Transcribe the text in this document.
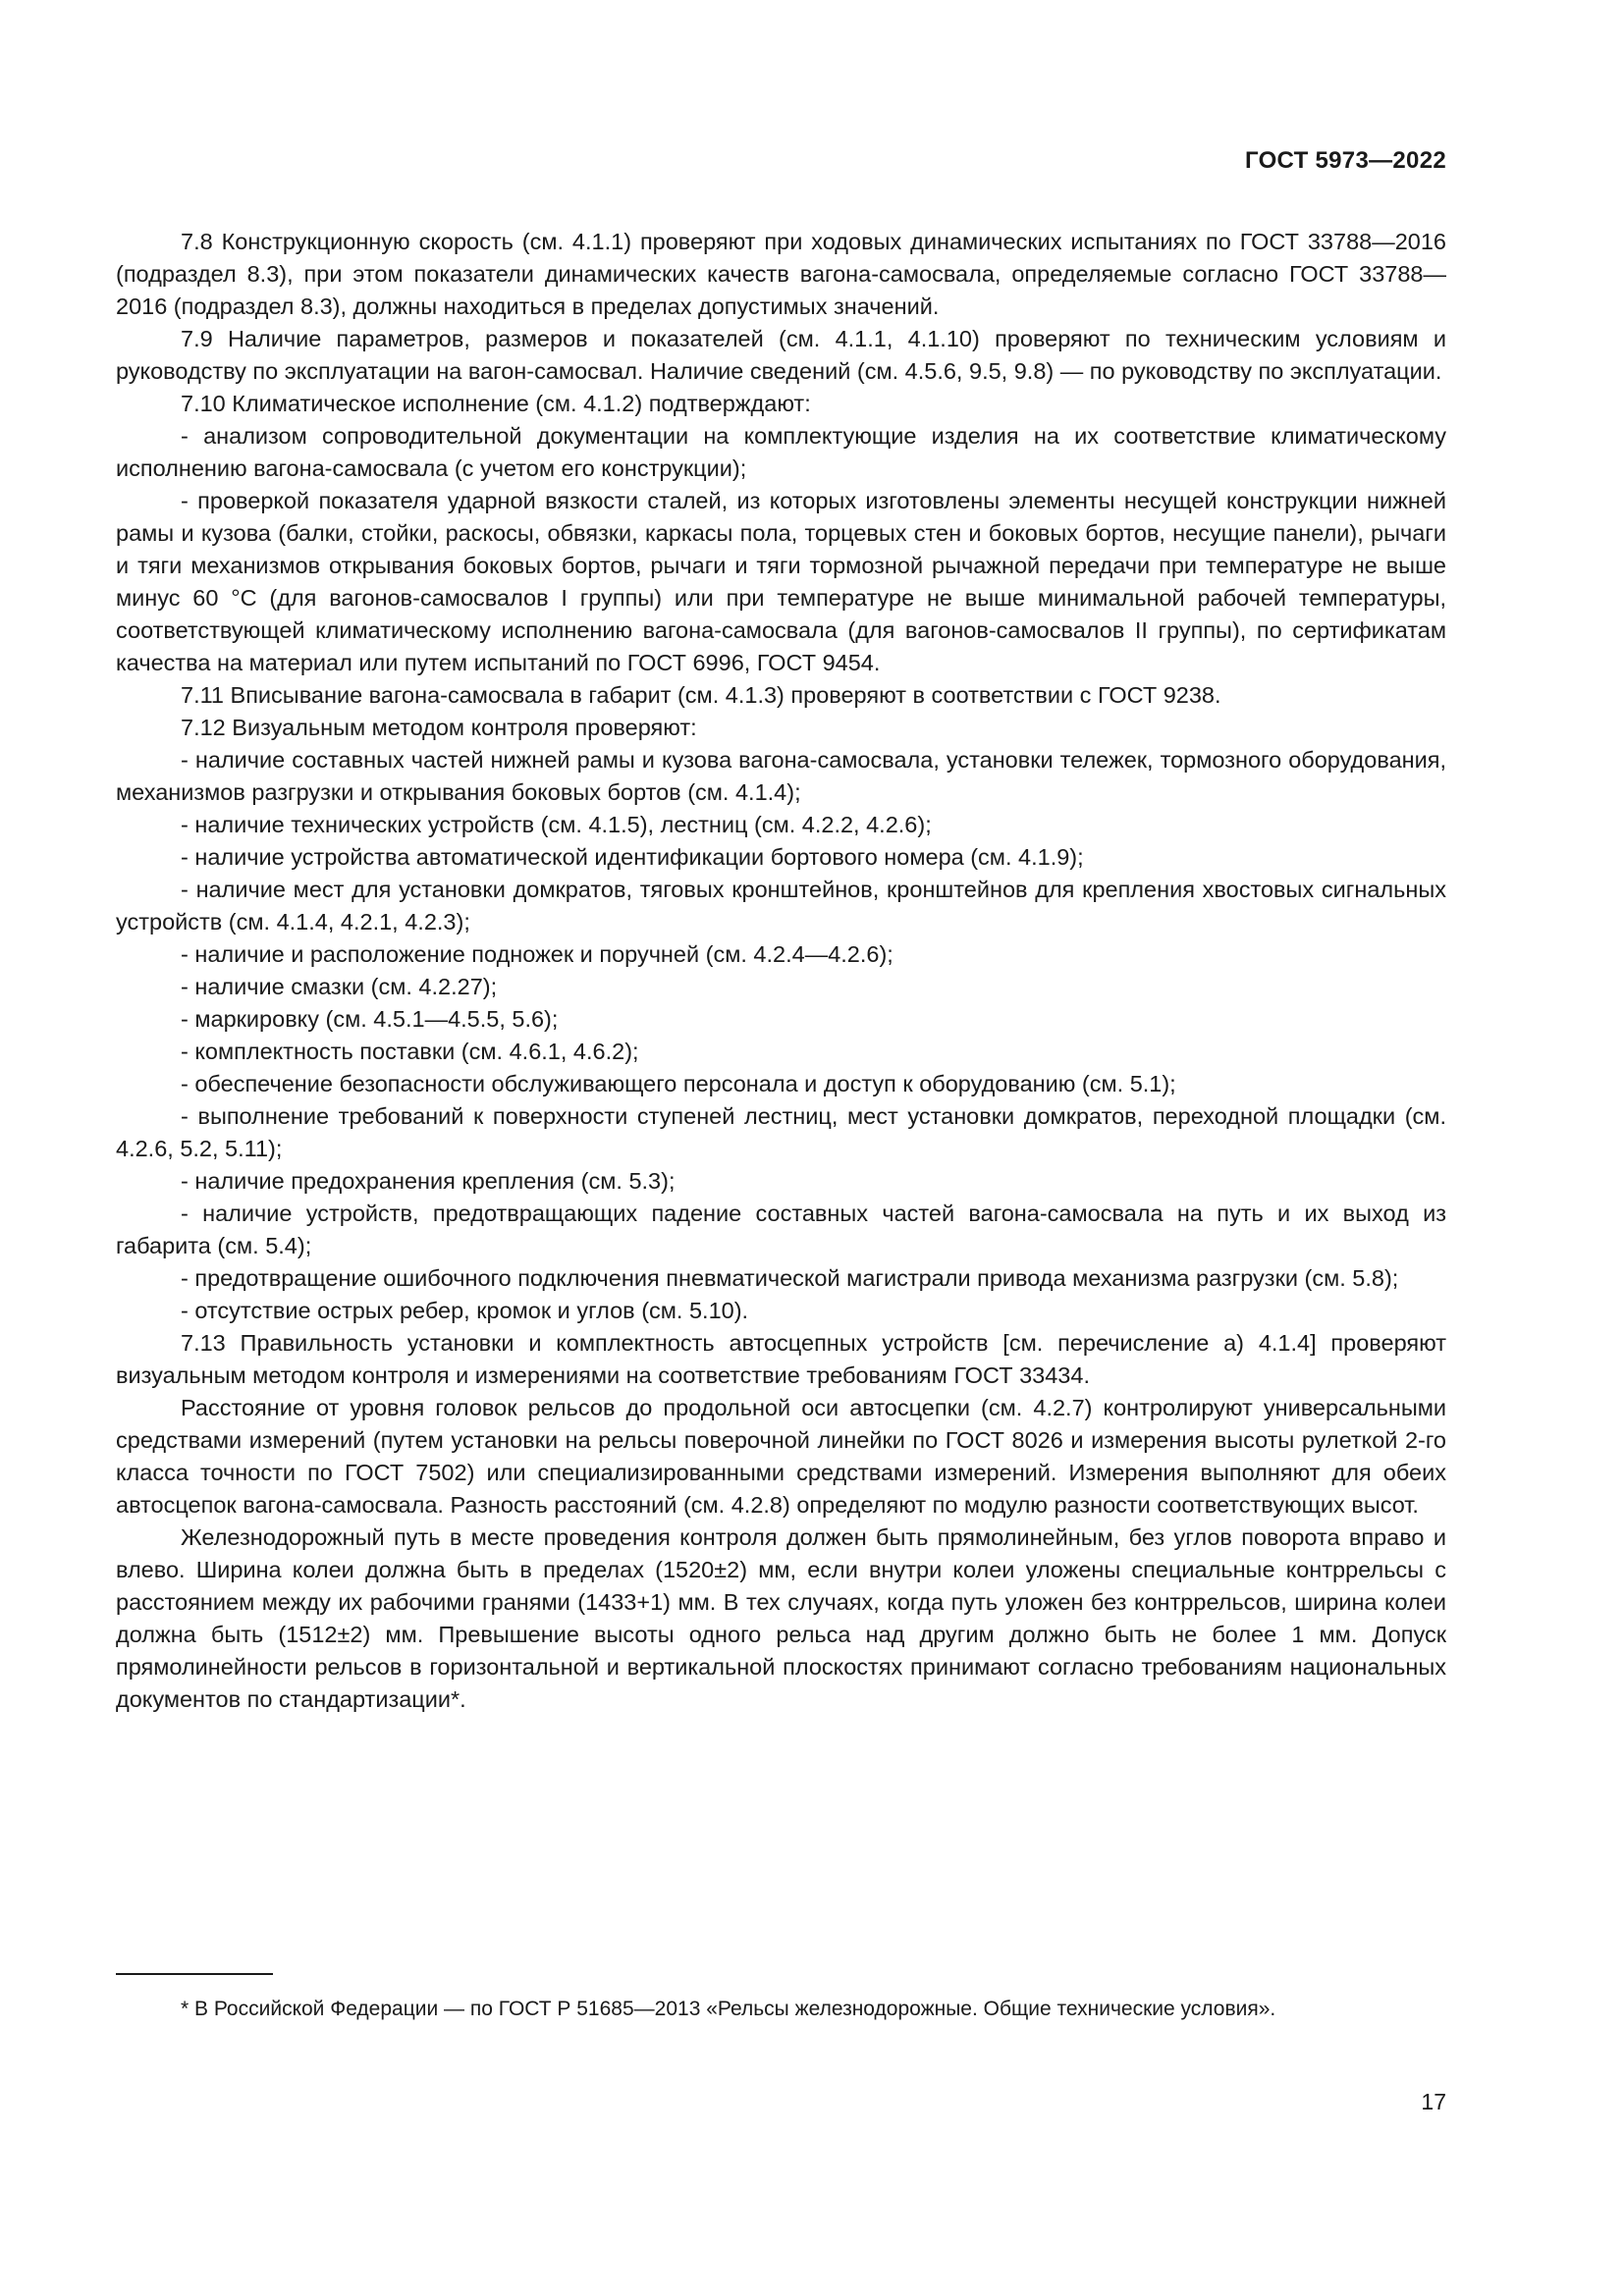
ГОСТ 5973—2022

7.8 Конструкционную скорость (см. 4.1.1) проверяют при ходовых динамических испытаниях по ГОСТ 33788—2016 (подраздел 8.3), при этом показатели динамических качеств вагона-самосвала, определяемые согласно ГОСТ 33788—2016 (подраздел 8.3), должны находиться в пределах допустимых значений.

7.9 Наличие параметров, размеров и показателей (см. 4.1.1, 4.1.10) проверяют по техническим условиям и руководству по эксплуатации на вагон-самосвал. Наличие сведений (см. 4.5.6, 9.5, 9.8) — по руководству по эксплуатации.

7.10 Климатическое исполнение (см. 4.1.2) подтверждают:

- анализом сопроводительной документации на комплектующие изделия на их соответствие климатическому исполнению вагона-самосвала (с учетом его конструкции);

- проверкой показателя ударной вязкости сталей, из которых изготовлены элементы несущей конструкции нижней рамы и кузова (балки, стойки, раскосы, обвязки, каркасы пола, торцевых стен и боковых бортов, несущие панели), рычаги и тяги механизмов открывания боковых бортов, рычаги и тяги тормозной рычажной передачи при температуре не выше минус 60 °C (для вагонов-самосвалов I группы) или при температуре не выше минимальной рабочей температуры, соответствующей климатическому исполнению вагона-самосвала (для вагонов-самосвалов II группы), по сертификатам качества на материал или путем испытаний по ГОСТ 6996, ГОСТ 9454.

7.11 Вписывание вагона-самосвала в габарит (см. 4.1.3) проверяют в соответствии с ГОСТ 9238.

7.12 Визуальным методом контроля проверяют:

- наличие составных частей нижней рамы и кузова вагона-самосвала, установки тележек, тормозного оборудования, механизмов разгрузки и открывания боковых бортов (см. 4.1.4);

- наличие технических устройств (см. 4.1.5), лестниц (см. 4.2.2, 4.2.6);

- наличие устройства автоматической идентификации бортового номера (см. 4.1.9);

- наличие мест для установки домкратов, тяговых кронштейнов, кронштейнов для крепления хвостовых сигнальных устройств (см. 4.1.4, 4.2.1, 4.2.3);

- наличие и расположение подножек и поручней (см. 4.2.4—4.2.6);

- наличие смазки (см. 4.2.27);

- маркировку (см. 4.5.1—4.5.5, 5.6);

- комплектность поставки (см. 4.6.1, 4.6.2);

- обеспечение безопасности обслуживающего персонала и доступ к оборудованию (см. 5.1);

- выполнение требований к поверхности ступеней лестниц, мест установки домкратов, переходной площадки (см. 4.2.6, 5.2, 5.11);

- наличие предохранения крепления (см. 5.3);

- наличие устройств, предотвращающих падение составных частей вагона-самосвала на путь и их выход из габарита (см. 5.4);

- предотвращение ошибочного подключения пневматической магистрали привода механизма разгрузки (см. 5.8);

- отсутствие острых ребер, кромок и углов (см. 5.10).

7.13 Правильность установки и комплектность автосцепных устройств [см. перечисление а) 4.1.4] проверяют визуальным методом контроля и измерениями на соответствие требованиям ГОСТ 33434.

Расстояние от уровня головок рельсов до продольной оси автосцепки (см. 4.2.7) контролируют универсальными средствами измерений (путем установки на рельсы поверочной линейки по ГОСТ 8026 и измерения высоты рулеткой 2-го класса точности по ГОСТ 7502) или специализированными средствами измерений. Измерения выполняют для обеих автосцепок вагона-самосвала. Разность расстояний (см. 4.2.8) определяют по модулю разности соответствующих высот.

Железнодорожный путь в месте проведения контроля должен быть прямолинейным, без углов поворота вправо и влево. Ширина колеи должна быть в пределах (1520±2) мм, если внутри колеи уложены специальные контррельсы с расстоянием между их рабочими гранями (1433+1) мм. В тех случаях, когда путь уложен без контррельсов, ширина колеи должна быть (1512±2) мм. Превышение высоты одного рельса над другим должно быть не более 1 мм. Допуск прямолинейности рельсов в горизонтальной и вертикальной плоскостях принимают согласно требованиям национальных документов по стандартизации*.

* В Российской Федерации — по ГОСТ Р 51685—2013 «Рельсы железнодорожные. Общие технические условия».

17
